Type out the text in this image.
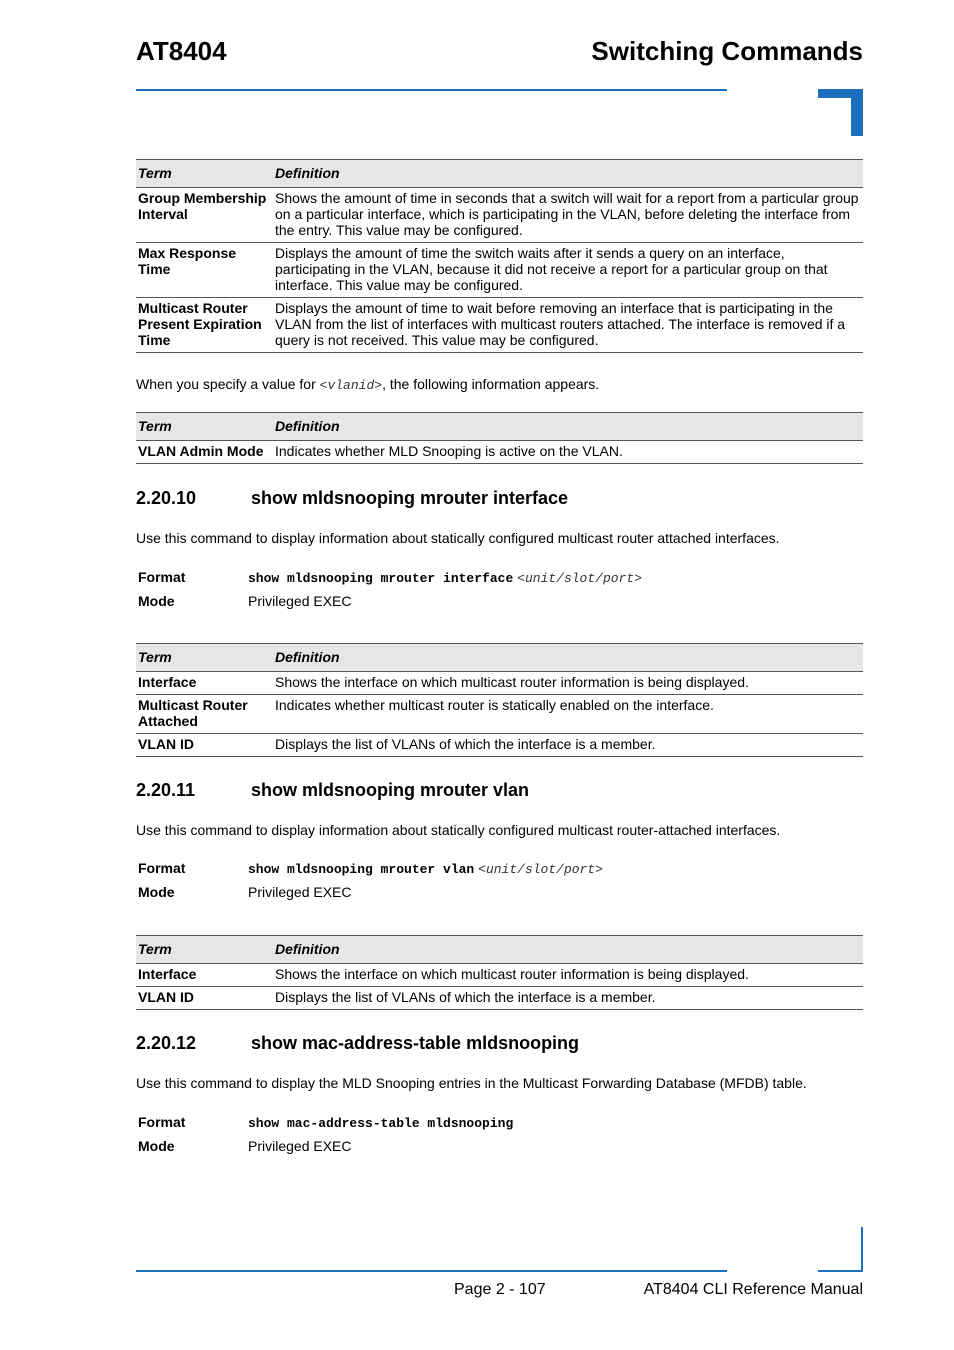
AT8404	Switching Commands
Term	Definition
Group Membership Interval	Shows the amount of time in seconds that a switch will wait for a report from a particular group on a particular interface, which is participating in the VLAN, before deleting the interface from the entry. This value may be configured.
Max Response Time	Displays the amount of time the switch waits after it sends a query on an interface, participating in the VLAN, because it did not receive a report for a particular group on that interface. This value may be configured.
Multicast Router Present Expiration Time	Displays the amount of time to wait before removing an interface that is participating in the VLAN from the list of interfaces with multicast routers attached. The interface is removed if a query is not received. This value may be configured.
When you specify a value for <vlanid>, the following information appears.
Term	Definition
VLAN Admin Mode	Indicates whether MLD Snooping is active on the VLAN.
2.20.10	show mldsnooping mrouter interface
Use this command to display information about statically configured multicast router attached interfaces.
Format	show mldsnooping mrouter interface <unit/slot/port>
Mode	Privileged EXEC
Term	Definition
Interface	Shows the interface on which multicast router information is being displayed.
Multicast Router Attached	Indicates whether multicast router is statically enabled on the interface.
VLAN ID	Displays the list of VLANs of which the interface is a member.
2.20.11	show mldsnooping mrouter vlan
Use this command to display information about statically configured multicast router-attached interfaces.
Format	show mldsnooping mrouter vlan <unit/slot/port>
Mode	Privileged EXEC
Term	Definition
Interface	Shows the interface on which multicast router information is being displayed.
VLAN ID	Displays the list of VLANs of which the interface is a member.
2.20.12	show mac-address-table mldsnooping
Use this command to display the MLD Snooping entries in the Multicast Forwarding Database (MFDB) table.
Format	show mac-address-table mldsnooping
Mode	Privileged EXEC
Page 2 - 107	AT8404 CLI Reference Manual
